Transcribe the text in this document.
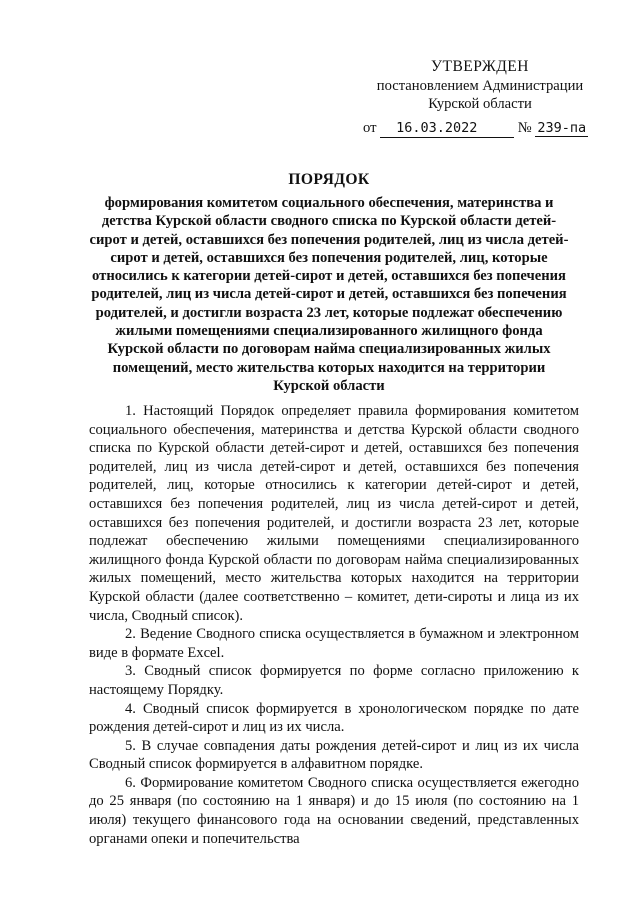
УТВЕРЖДЕН
постановлением Администрации
Курской области
от 16.03.2022	№ 239-па
ПОРЯДОК
формирования комитетом социального обеспечения, материнства и детства Курской области сводного списка по Курской области детей-сирот и детей, оставшихся без попечения родителей, лиц из числа детей-сирот и детей, оставшихся без попечения родителей, лиц, которые относились к категории детей-сирот и детей, оставшихся без попечения родителей, лиц из числа детей-сирот и детей, оставшихся без попечения родителей, и достигли возраста 23 лет, которые подлежат обеспечению жилыми помещениями специализированного жилищного фонда Курской области по договорам найма специализированных жилых помещений, место жительства которых находится на территории Курской области

1. Настоящий Порядок определяет правила формирования комитетом социального обеспечения, материнства и детства Курской области сводного списка по Курской области детей-сирот и детей, оставшихся без попечения родителей, лиц из числа детей-сирот и детей, оставшихся без попечения родителей, лиц, которые относились к категории детей-сирот и детей, оставшихся без попечения родителей, лиц из числа детей-сирот и детей, оставшихся без попечения родителей, и достигли возраста 23 лет, которые подлежат обеспечению жилыми помещениями специализированного жилищного фонда Курской области по договорам найма специализированных жилых помещений, место жительства которых находится на территории Курской области (далее соответственно – комитет, дети-сироты и лица из их числа, Сводный список).

2. Ведение Сводного списка осуществляется в бумажном и электронном виде в формате Excel.

3. Сводный список формируется по форме согласно приложению к настоящему Порядку.

4. Сводный список формируется в хронологическом порядке по дате рождения детей-сирот и лиц из их числа.

5. В случае совпадения даты рождения детей-сирот и лиц из их числа Сводный список формируется в алфавитном порядке.

6. Формирование комитетом Сводного списка осуществляется ежегодно до 25 января (по состоянию на 1 января) и до 15 июля (по состоянию на 1 июля) текущего финансового года на основании сведений, представленных органами опеки и попечительства
